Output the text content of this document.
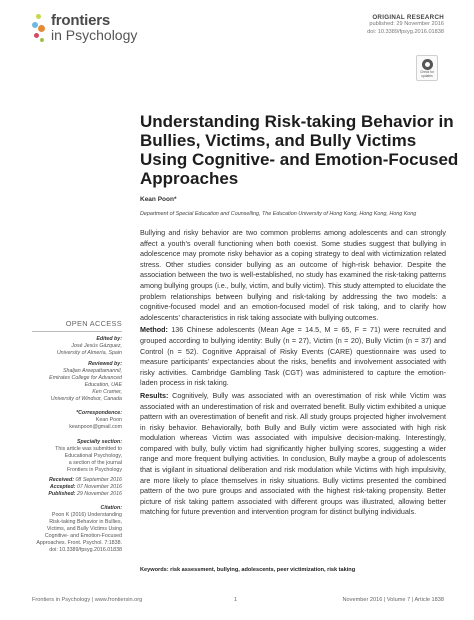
frontiers
in Psychology
ORIGINAL RESEARCH
published: 29 November 2016
doi: 10.3389/fpsyg.2016.01838
Check for
updates
Understanding Risk-taking Behavior in Bullies, Victims, and Bully Victims Using Cognitive- and Emotion-Focused Approaches
Kean Poon*
Department of Special Education and Counselling, The Education University of Hong Kong, Hong Kong, Hong Kong

Bullying and risky behavior are two common problems among adolescents and can strongly affect a youth’s overall functioning when both coexist. Some studies suggest that bullying in adolescence may promote risky behavior as a coping strategy to deal with victimization related stress. Other studies consider bullying as an outcome of high-risk behavior. Despite the association between the two is well-established, no study has examined the risk-taking patterns among bullying groups (i.e., bully, victim, and bully victim). This study attempted to elucidate the problem relationships between bullying and risk-taking by addressing the two models: a cognitive-focused model and an emotion-focused model of risk taking, and to clarify how adolescents’ characteristics in risk taking associate with bullying outcomes.

Method: 136 Chinese adolescents (Mean Age = 14.5, M = 65, F = 71) were recruited and grouped according to bullying identity: Bully (n = 27), Victim (n = 20), Bully Victim (n = 37) and Control (n = 52). Cognitive Appraisal of Risky Events (CARE) questionnaire was used to measure participants’ expectancies about the risks, benefits and involvement associated with risky activities. Cambridge Gambling Task (CGT) was administered to capture the emotion-laden process in risk taking.

Results: Cognitively, Bully was associated with an overestimation of risk while Victim was associated with an underestimation of risk and overrated benefit. Bully victim exhibited a unique pattern with an overestimation of benefit and risk. All study groups projected higher involvement in risky behavior. Behaviorally, both Bully and Bully victim were associated with high risk modulation whereas Victim was associated with impulsive decision-making. Interestingly, compared with bully, bully victim had significantly higher bullying scores, suggesting a wider range and more frequent bullying activities. In conclusion, Bully maybe a group of adolescents that is vigilant in situational deliberation and risk modulation while Victims with high impulsivity, are more likely to place themselves in risky situations. Bully victims presented the combined pattern of the two pure groups and associated with the highest risk-taking propensity. Better picture of risk taking pattern associated with different groups was illustrated, allowing better matching for future prevention and intervention program for distinct bullying individuals.

Keywords: risk assessment, bullying, adolescents, peer victimization, risk taking
OPEN ACCESS
Edited by:
José Jesús Gázquez,
University of Almería, Spain
Reviewed by:
Shaljan Areepattamannil,
Emirates College for Advanced
Education, UAE
Ken Cramer,
University of Windsor, Canada
*Correspondence:
Kean Poon
keanpoon@gmail.com
Specialty section:
This article was submitted to
Educational Psychology,
a section of the journal
Frontiers in Psychology
Received: 08 September 2016
Accepted: 07 November 2016
Published: 29 November 2016
Citation:
Poon K (2016) Understanding
Risk-taking Behavior in Bullies,
Victims, and Bully Victims Using
Cognitive- and Emotion-Focused
Approaches. Front. Psychol. 7:1838.
doi: 10.3389/fpsyg.2016.01838
Frontiers in Psychology | www.frontiersin.org	1	November 2016 | Volume 7 | Article 1838
